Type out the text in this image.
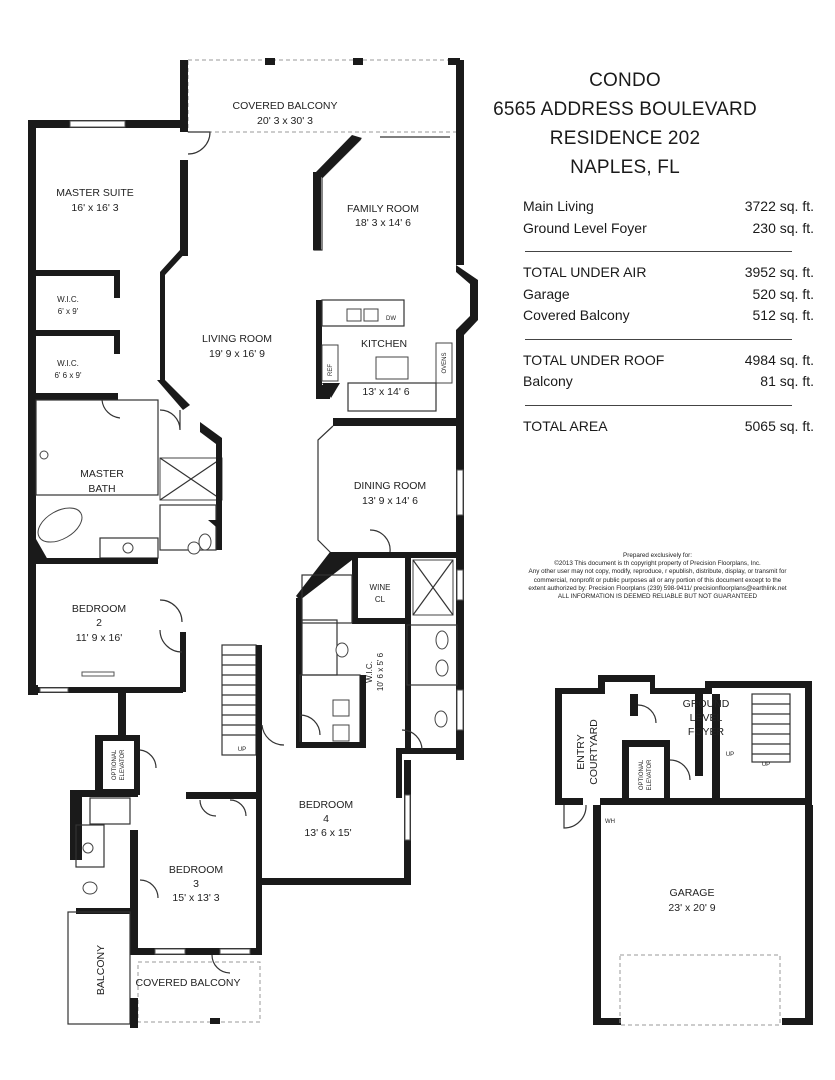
COVERED BALCONY
20' 3 x 30' 3
FAMILY ROOM
18' 3 x 14' 6
MASTER SUITE
16' x 16' 3
W.I.C.
6' x 9'
W.I.C.
6' 6 x 9'
LIVING ROOM
19' 9 x 16' 9
KITCHEN
13' x 14' 6
MASTER
BATH	DINING ROOM
13' 9 x 14' 6
BEDROOM
2
11' 9 x 16'
WINE
CL
W.I.C. 10' 6 x 5' 6
BEDROOM
4
13' 6 x 15'
OPTIONAL ELEVATOR
BEDROOM
3
15' x 13' 3
BALCONY	COVERED BALCONY
ENTRY COURTYARD
GROUND
LEVEL
FOYER
OPTIONAL ELEVATOR
GARAGE
23' x 20' 9
REF
DW
OVENS
UP
UP
UP
WH
CONDO
6565 ADDRESS BOULEVARD
RESIDENCE 202
NAPLES, FL
Main Living	3722 sq. ft.
Ground Level Foyer	230 sq. ft.
TOTAL UNDER AIR	3952 sq. ft.
Garage	520 sq. ft.
Covered Balcony	512 sq. ft.
TOTAL UNDER ROOF	4984 sq. ft.
Balcony	81 sq. ft.
TOTAL AREA	5065 sq. ft.
Prepared exclusively for:
©2013 This document is th copyright property of Precision Floorplans, Inc.
Any other user may not copy, modify, reproduce, r epublish, distribute, display, or transmit for
commercial, nonprofit or public purposes all or any portion of this document except to the
extent authorized by: Precision Floorplans (239) 598-9411/ precisionfloorplans@earthlink.net
ALL INFORMATION IS DEEMED RELIABLE BUT NOT GUARANTEED
